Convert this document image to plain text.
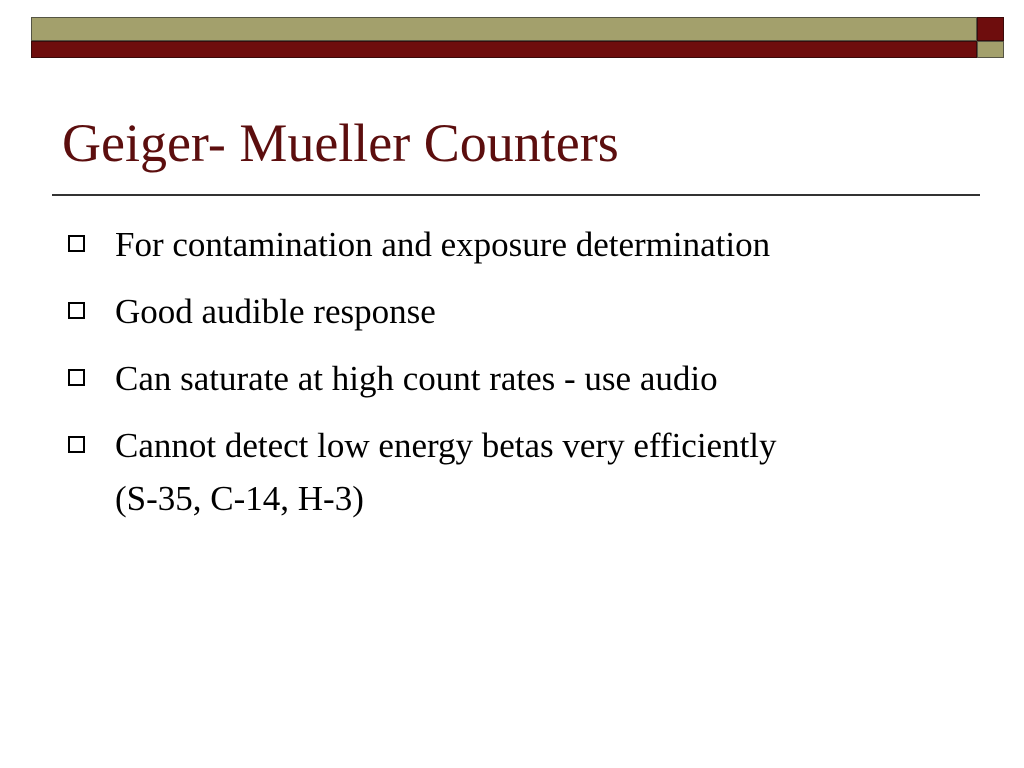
Geiger- Mueller Counters
For contamination and exposure determination
Good audible response
Can saturate at high count rates - use audio
Cannot detect low energy betas very efficiently (S-35, C-14, H-3)
